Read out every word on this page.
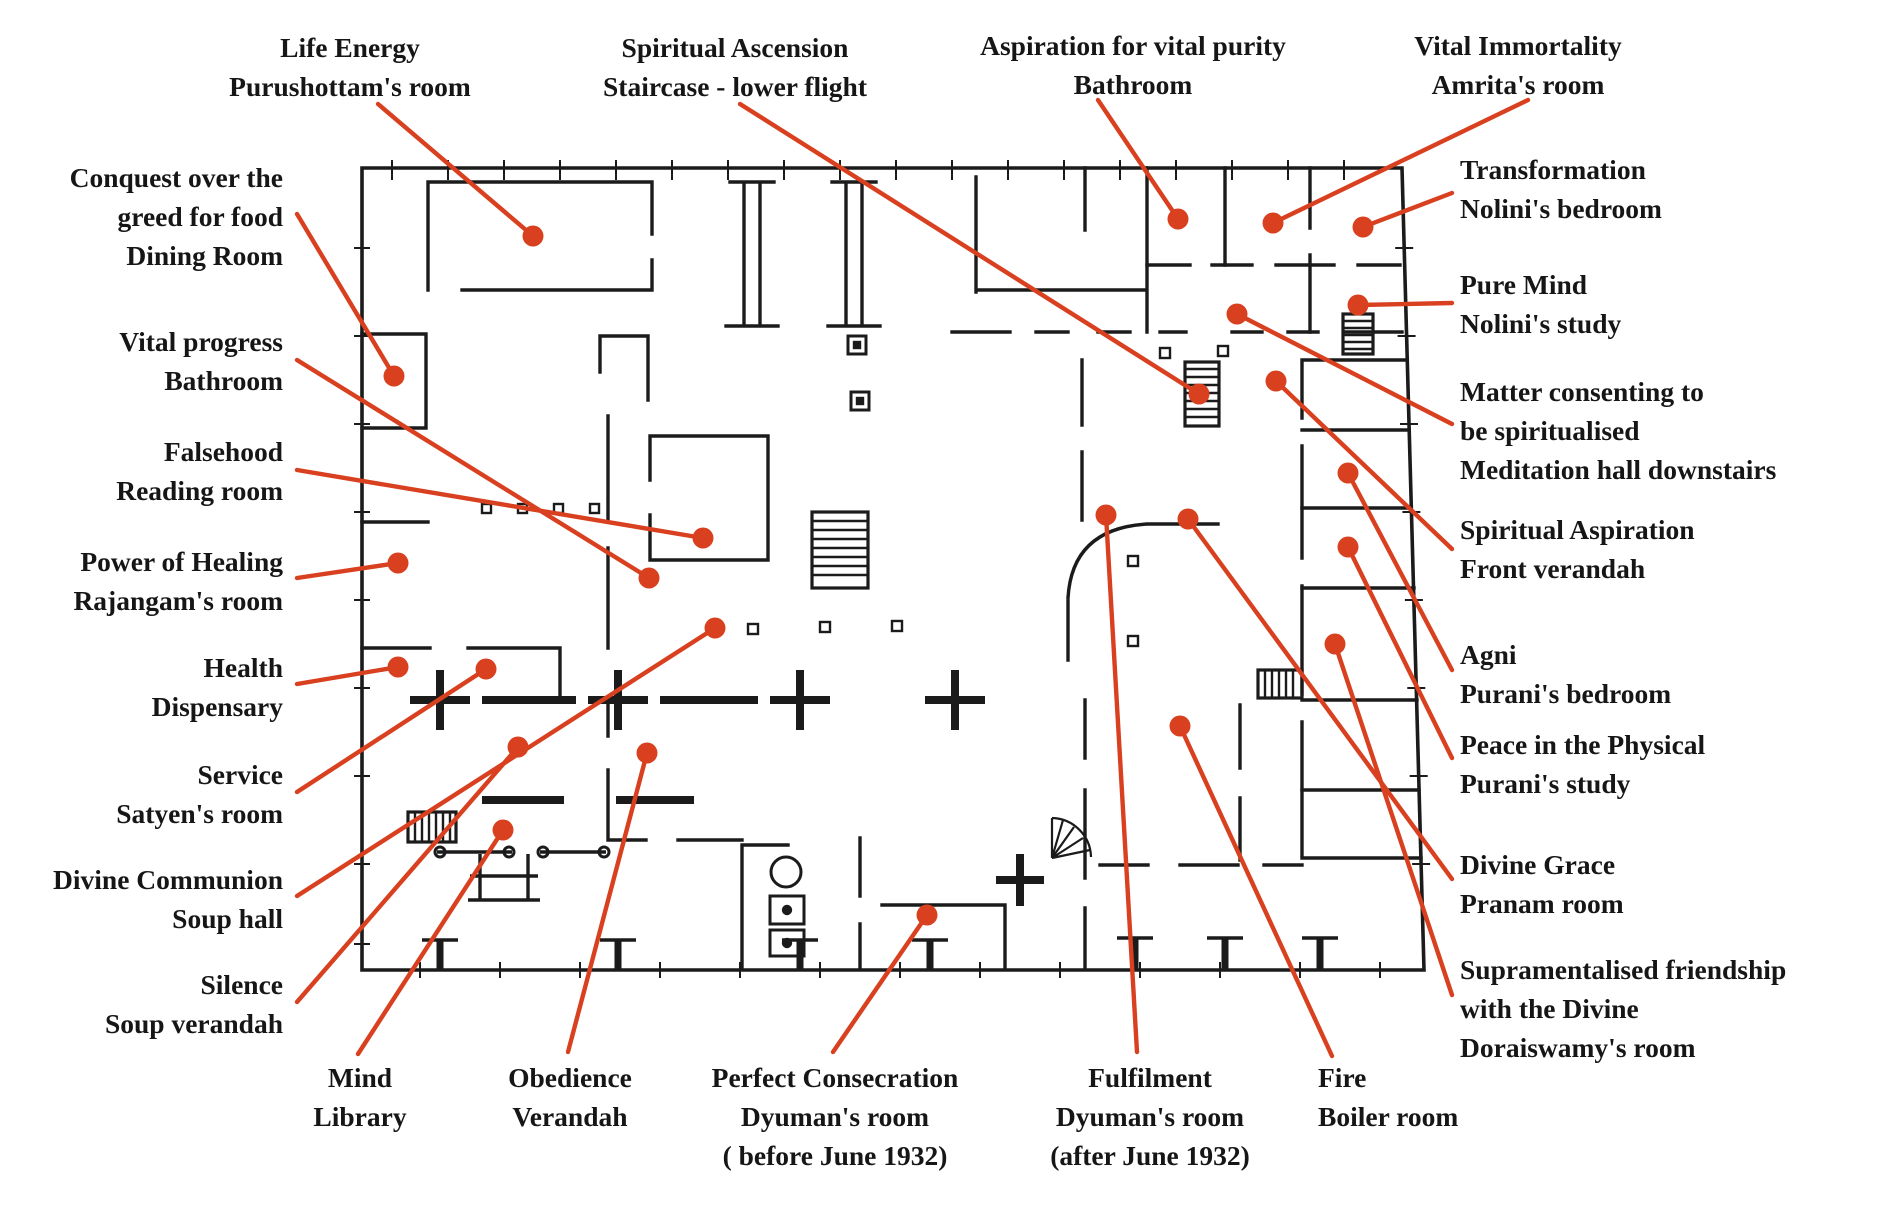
Life Energy
Purushottam's room
Spiritual Ascension
Staircase - lower flight
Aspiration for vital purity
Bathroom
Vital Immortality
Amrita's room
Transformation
Nolini's bedroom
Pure Mind
Nolini's study
Matter consenting to
be spiritualised
Meditation hall downstairs
Spiritual Aspiration
Front verandah
Agni
Purani's bedroom
Peace in the Physical
Purani's study
Divine Grace
Pranam room
Supramentalised friendship
with the Divine
Doraiswamy's room
Conquest over the
greed for food
Dining Room
Vital progress
Bathroom
Falsehood
Reading room
Power of Healing
Rajangam's room
Health
Dispensary
Service
Satyen's room
Divine Communion
Soup hall
Silence
Soup verandah
Mind
Library
Obedience
Verandah
Perfect Consecration
Dyuman's room
( before June 1932)
Fulfilment
Dyuman's room
(after June 1932)
Fire
Boiler room
